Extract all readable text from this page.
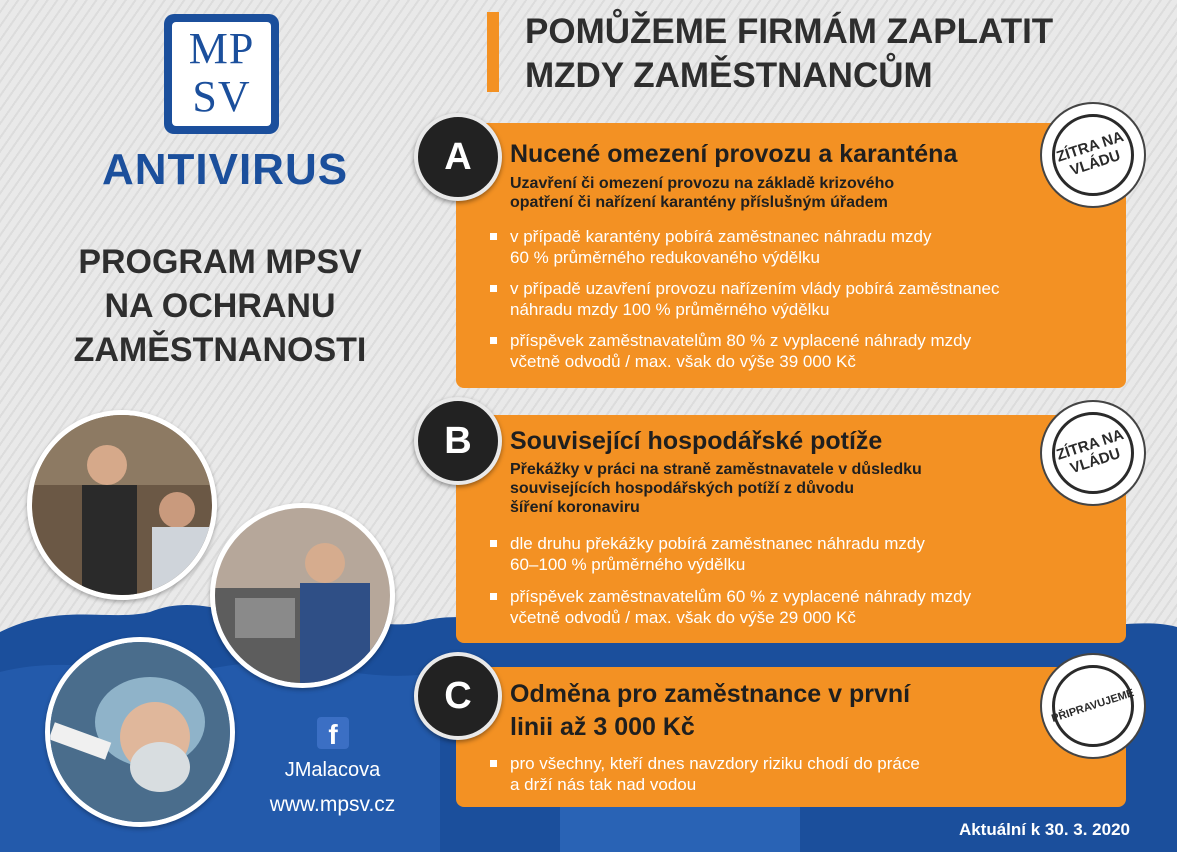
MP
SV
ANTIVIRUS
PROGRAM MPSV
NA OCHRANU
ZAMĚSTNANOSTI
f
JMalacova
www.mpsv.cz
Aktuální k 30. 3. 2020
POMŮŽEME FIRMÁM ZAPLATIT
MZDY ZAMĚSTNANCŮM
A	Nucené omezení provozu a karanténa
Uzavření či omezení provozu na základě krizového
opatření či nařízení karantény příslušným úřadem
v případě karantény pobírá zaměstnanec náhradu mzdy
60 % průměrného redukovaného výdělku
v případě uzavření provozu nařízením vlády pobírá zaměstnanec
náhradu mzdy 100 % průměrného výdělku
příspěvek zaměstnavatelům 80 % z vyplacené náhrady mzdy
včetně odvodů / max. však do výše 39 000 Kč
ZÍTRA NA
VLÁDU
B	Související hospodářské potíže
Překážky v práci na straně zaměstnavatele v důsledku
souvisejících hospodářských potíží z důvodu
šíření koronaviru
dle druhu překážky pobírá zaměstnanec náhradu mzdy
60–100 % průměrného výdělku
příspěvek zaměstnavatelům 60 % z vyplacené náhrady mzdy
včetně odvodů / max. však do výše 29 000 Kč
ZÍTRA NA
VLÁDU
C	Odměna pro zaměstnance v první
linii až 3 000 Kč
pro všechny, kteří dnes navzdory riziku chodí do práce
a drží nás tak nad vodou
PŘIPRAVUJEME
